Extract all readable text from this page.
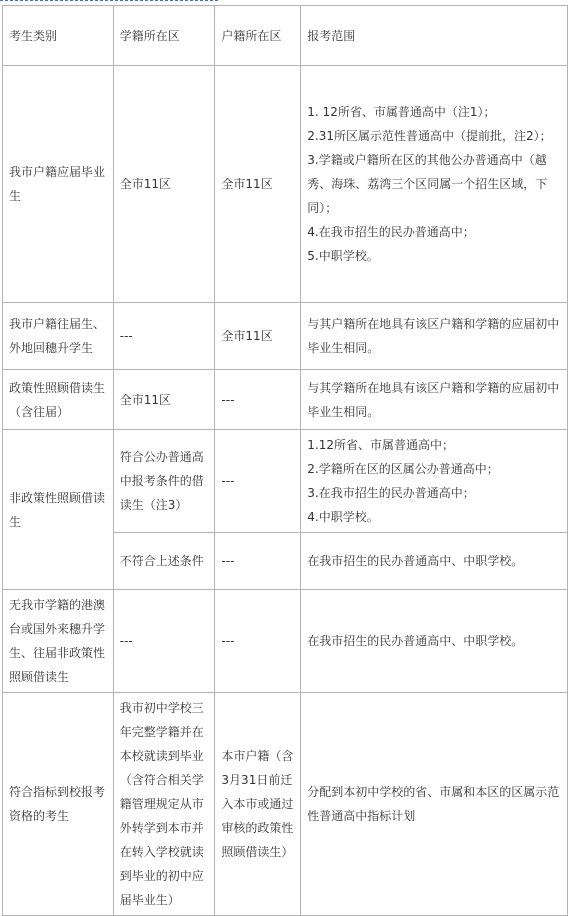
考生类别	学籍所在区	户籍所在区	报考范围
我市户籍应届毕业生	全市11区	全市11区	1. 12所省、市属普通高中（注1）；
2.31所区属示范性普通高中（提前批，注2）；
3.学籍或户籍所在区的其他公办普通高中（越秀、海珠、荔湾三个区同属一个招生区域，下同）；
4.在我市招生的民办普通高中；
5.中职学校。

我市户籍往届生、外地回穗升学生	---	全市11区	与其户籍所在地具有该区户籍和学籍的应届初中毕业生相同。
政策性照顾借读生（含往届）	全市11区	---	与其学籍所在地具有该区户籍和学籍的应届初中毕业生相同。
非政策性照顾借读生	符合公办普通高中报考条件的借读生（注3）	---	1.12所省、市属普通高中；
2.学籍所在区的区属公办普通高中；
3.在我市招生的民办普通高中；
4.中职学校。

	不符合上述条件	---	在我市招生的民办普通高中、中职学校。
无我市学籍的港澳台或国外来穗升学生、往届非政策性照顾借读生	---	---	在我市招生的民办普通高中、中职学校。
符合指标到校报考资格的考生	我市初中学校三年完整学籍并在本校就读到毕业（含符合相关学籍管理规定从市外转学到本市并在转入学校就读到毕业的初中应届毕业生）	本市户籍（含3月31日前迁入本市或通过审核的政策性照顾借读生）	分配到本初中学校的省、市属和本区的区属示范性普通高中指标计划
